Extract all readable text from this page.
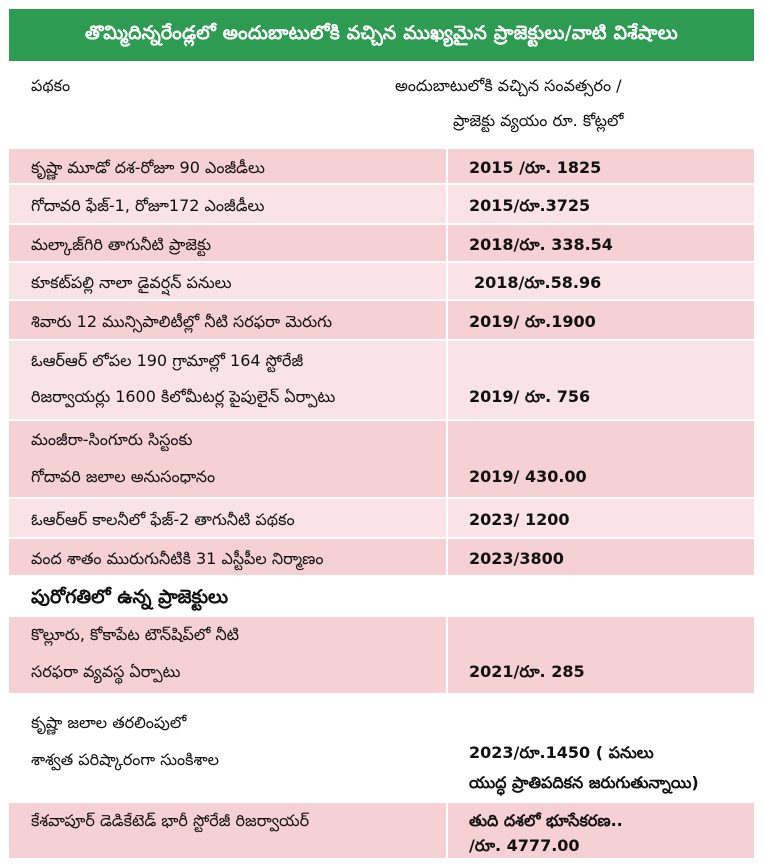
తొమ్మిదిన్నరేండ్లలో అందుబాటులోకి వచ్చిన ముఖ్యమైన ప్రాజెక్టులు/వాటి విశేషాలు
పథకం	అందుబాటులోకి వచ్చిన సంవత్సరం /
ప్రాజెక్టు వ్యయం రూ. కోట్లలో
కృష్ణా మూడో దశ-రోజూ 90 ఎంజీడీలు	2015 /రూ. 1825
గోదావరి ఫేజ్-1, రోజూ172 ఎంజీడీలు	2015/రూ.3725
మల్కాజ్‌గిరి తాగునీటి ప్రాజెక్టు	2018/రూ. 338.54
కూకట్‌పల్లి నాలా డైవర్షన్ పనులు	2018/రూ.58.96
శివారు 12 మున్సిపాలిటీల్లో నీటి సరఫరా మెరుగు	2019/ రూ.1900
ఓఆర్‌ఆర్ లోపల 190 గ్రామాల్లో 164 స్టోరేజీ
రిజర్వాయర్లు 1600 కిలోమీటర్ల పైపులైన్ ఏర్పాటు	2019/ రూ. 756
మంజీరా-సింగూరు సిస్టంకు
గోదావరి జలాల అనుసంధానం	2019/ 430.00
ఓఆర్‌ఆర్ కాలనీలో ఫేజ్-2 తాగునీటి పథకం	2023/ 1200
వంద శాతం మురుగునీటికి 31 ఎస్టీపీల నిర్మాణం	2023/3800
పురోగతిలో ఉన్న ప్రాజెక్టులు
కొల్లూరు, కోకాపేట టౌన్‌షిప్‌లో నీటి
సరఫరా వ్యవస్థ ఏర్పాటు	2021/రూ. 285
కృష్ణా జలాల తరలింపులో
శాశ్వత పరిష్కారంగా సుంకిశాల	2023/రూ.1450 ( పనులు
యుద్ధ ప్రాతిపదికన జరుగుతున్నాయి)
కేశవాపూర్ డెడికేటెడ్ భారీ స్టోరేజీ రిజర్వాయర్	తుది దశలో భూసేకరణ..
/రూ. 4777.00
